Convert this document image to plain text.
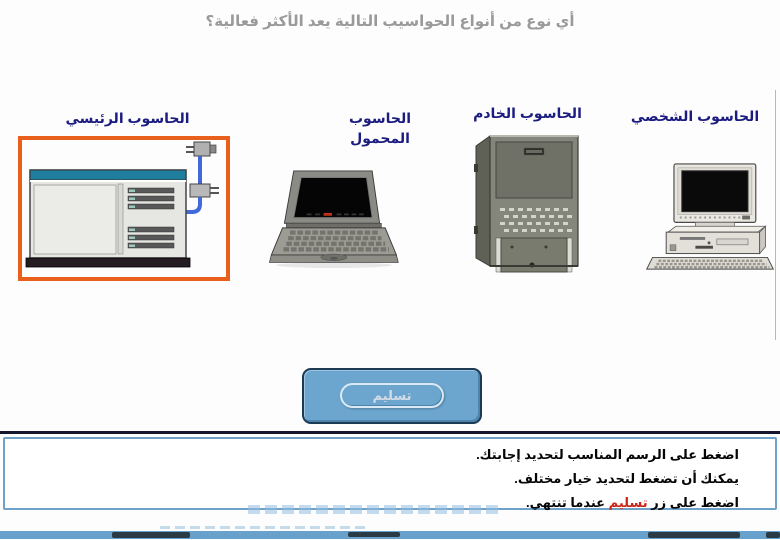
أي نوع من أنواع الحواسيب التالية يعد الأكثر فعالية؟
الحاسوب الشخصي
الحاسوب الخادم
الحاسوب المحمول
الحاسوب الرئيسي
تسليم
اضغط على الرسم المناسب لتحديد إجابتك.
يمكنك أن تضغط لتحديد خيار مختلف.
اضغط على زر تسليم عندما تنتهي.
